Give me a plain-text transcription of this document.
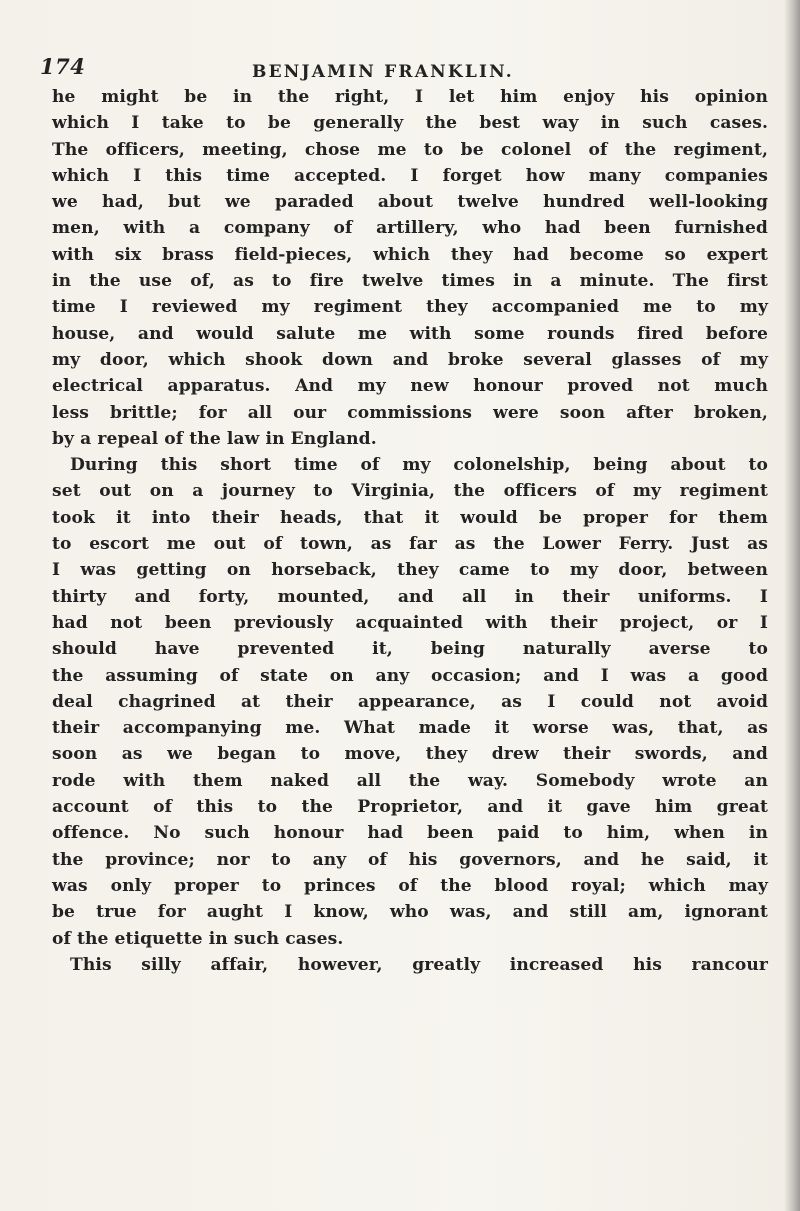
174	BENJAMIN FRANKLIN.
he might be in the right, I let him enjoy his opinion
which I take to be generally the best way in such cases.
The officers, meeting, chose me to be colonel of the regiment,
which I this time accepted. I forget how many companies
we had, but we paraded about twelve hundred well-looking
men, with a company of artillery, who had been furnished
with six brass field-pieces, which they had become so expert
in the use of, as to fire twelve times in a minute. The first
time I reviewed my regiment they accompanied me to my
house, and would salute me with some rounds fired before
my door, which shook down and broke several glasses of my
electrical apparatus. And my new honour proved not much
less brittle; for all our commissions were soon after broken,
by a repeal of the law in England.
During this short time of my colonelship, being about to
set out on a journey to Virginia, the officers of my regiment
took it into their heads, that it would be proper for them
to escort me out of town, as far as the Lower Ferry. Just as
I was getting on horseback, they came to my door, between
thirty and forty, mounted, and all in their uniforms. I
had not been previously acquainted with their project, or I
should have prevented it, being naturally averse to
the assuming of state on any occasion; and I was a good
deal chagrined at their appearance, as I could not avoid
their accompanying me. What made it worse was, that, as
soon as we began to move, they drew their swords, and
rode with them naked all the way. Somebody wrote an
account of this to the Proprietor, and it gave him great
offence. No such honour had been paid to him, when in
the province; nor to any of his governors, and he said, it
was only proper to princes of the blood royal; which may
be true for aught I know, who was, and still am, ignorant
of the etiquette in such cases.
This silly affair, however, greatly increased his rancour
